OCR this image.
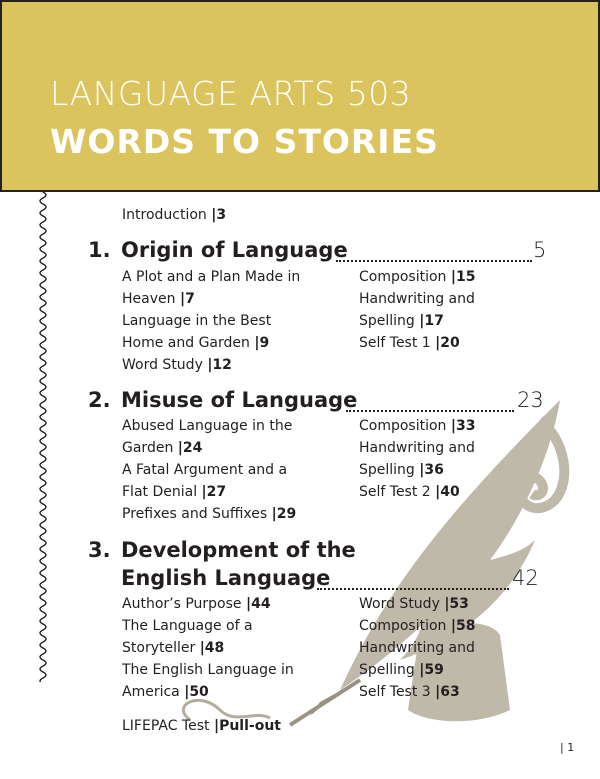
LANGUAGE ARTS 503
WORDS TO STORIES
Introduction |3
1. Origin of Language	5
A Plot and a Plan Made in
Heaven |7
Language in the Best
Home and Garden |9
Word Study |12
Composition |15
Handwriting and
Spelling |17
Self Test 1 |20
2. Misuse of Language	23
Abused Language in the
Garden |24
A Fatal Argument and a
Flat Denial |27
Prefixes and Suffixes |29
Composition |33
Handwriting and
Spelling |36
Self Test 2 |40
3. Development of the
English Language	42
Author’s Purpose |44
The Language of a
Storyteller |48
The English Language in
America |50
Word Study |53
Composition |58
Handwriting and
Spelling |59
Self Test 3 |63
LIFEPAC Test |Pull-out
| 1
